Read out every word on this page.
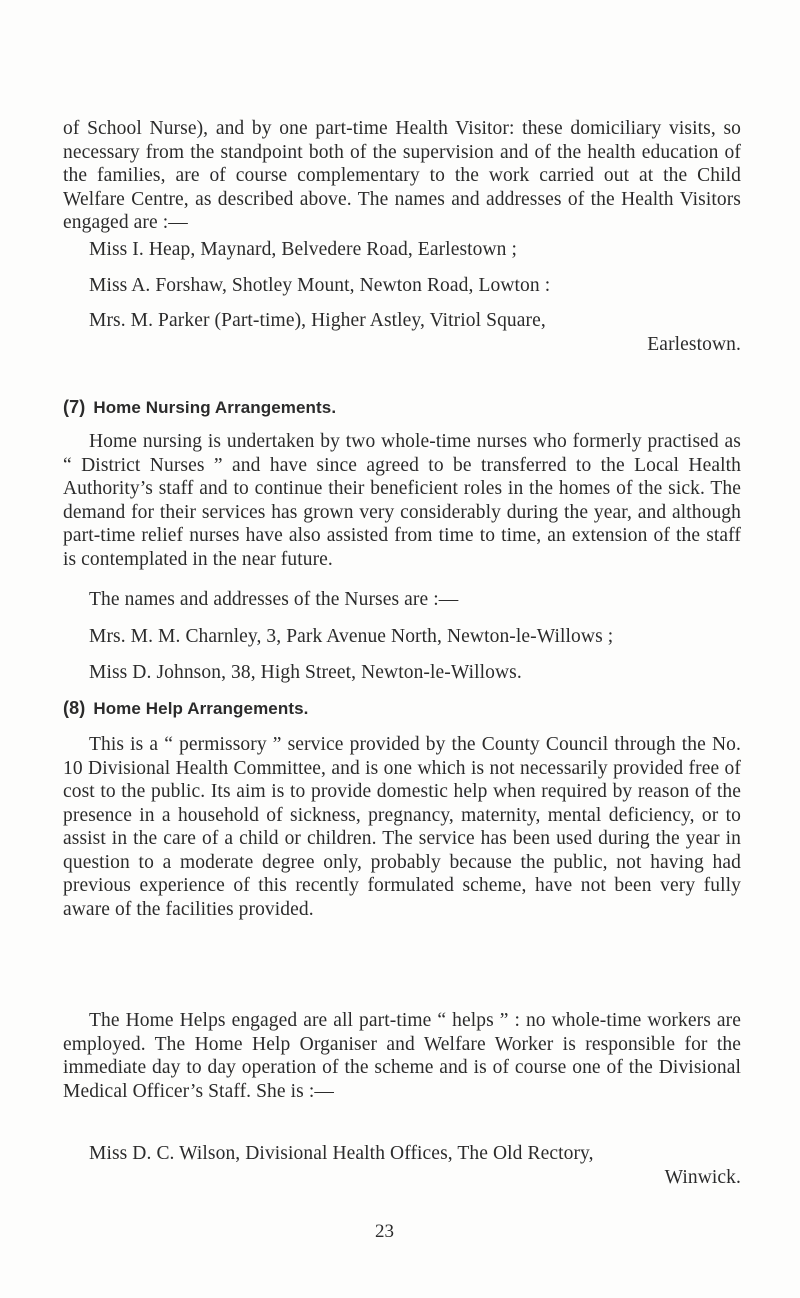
of School Nurse), and by one part-time Health Visitor: these domiciliary visits, so necessary from the standpoint both of the supervision and of the health education of the families, are of course complementary to the work carried out at the Child Welfare Centre, as described above. The names and addresses of the Health Visitors engaged are :—

Miss I. Heap, Maynard, Belvedere Road, Earlestown ;

Miss A. Forshaw, Shotley Mount, Newton Road, Lowton :

Mrs. M. Parker (Part-time), Higher Astley, Vitriol Square,

Earlestown.

(7) Home Nursing Arrangements.

Home nursing is undertaken by two whole-time nurses who formerly practised as “ District Nurses ” and have since agreed to be transferred to the Local Health Authority’s staff and to continue their beneficient roles in the homes of the sick. The demand for their services has grown very considerably during the year, and although part-time relief nurses have also assisted from time to time, an extension of the staff is contemplated in the near future.

The names and addresses of the Nurses are :—

Mrs. M. M. Charnley, 3, Park Avenue North, Newton-le-Willows ;

Miss D. Johnson, 38, High Street, Newton-le-Willows.

(8) Home Help Arrangements.

This is a “ permissory ” service provided by the County Council through the No. 10 Divisional Health Committee, and is one which is not necessarily provided free of cost to the public. Its aim is to provide domestic help when required by reason of the presence in a household of sickness, pregnancy, maternity, mental deficiency, or to assist in the care of a child or children. The service has been used during the year in question to a moderate degree only, probably because the public, not having had previous experience of this recently formulated scheme, have not been very fully aware of the facilities provided.

The Home Helps engaged are all part-time “ helps ” : no whole-time workers are employed. The Home Help Organiser and Welfare Worker is responsible for the immediate day to day operation of the scheme and is of course one of the Divisional Medical Officer’s Staff. She is :—

Miss D. C. Wilson, Divisional Health Offices, The Old Rectory,

Winwick.

23
